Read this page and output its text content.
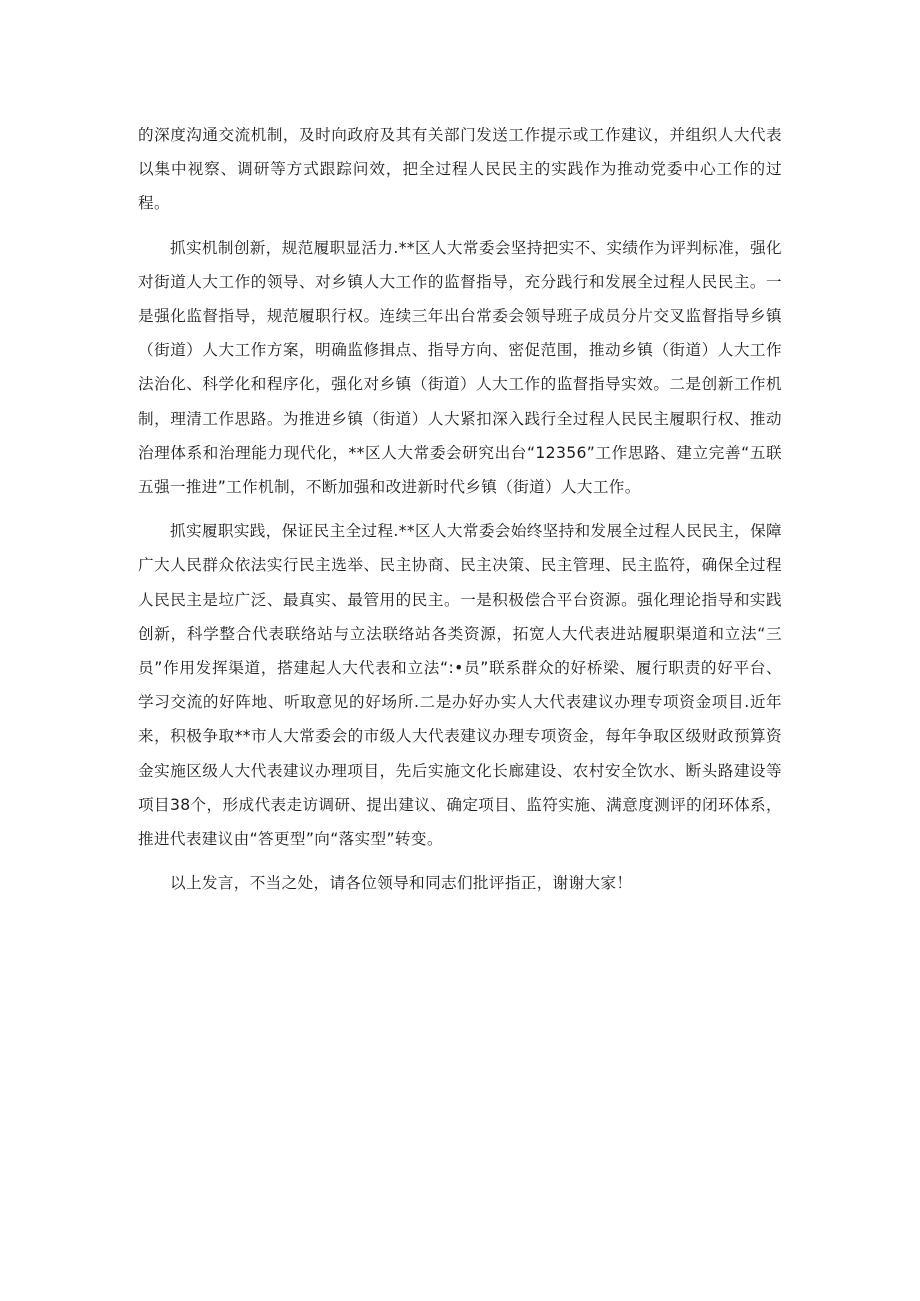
的深度沟通交流机制，及时向政府及其有关部门发送工作提示或工作建议，并组织人大代表以集中视察、调研等方式跟踪问效，把全过程人民民主的实践作为推动党委中心工作的过程。

抓实机制创新，规范履职显活力.**区人大常委会坚持把实不、实绩作为评判标准，强化对街道人大工作的领导、对乡镇人大工作的监督指导，充分践行和发展全过程人民民主。一是强化监督指导，规范履职行权。连续三年出台常委会领导班子成员分片交叉监督指导乡镇（街道）人大工作方案，明确监修揖点、指导方向、密促范围，推动乡镇（街道）人大工作法治化、科学化和程序化，强化对乡镇（街道）人大工作的监督指导实效。二是创新工作机制，理清工作思路。为推进乡镇（街道）人大紧扣深入践行全过程人民民主履职行权、推动治理体系和治理能力现代化，**区人大常委会研究出台“12356”工作思路、建立完善“五联五强一推进”工作机制，不断加强和改进新时代乡镇（街道）人大工作。

抓实履职实践，保证民主全过程.**区人大常委会始终坚持和发展全过程人民民主，保障广大人民群众依法实行民主选举、民主协商、民主决策、民主管理、民主监符，确保全过程人民民主是垃广泛、最真实、最管用的民主。一是积极偿合平台资源。强化理论指导和实践创新，科学整合代表联络站与立法联络站各类资源，拓宽人大代表进站履职渠道和立法“三员”作用发挥渠道，搭建起人大代表和立法“:•员”联系群众的好桥梁、履行职责的好平台、学习交流的好阵地、听取意见的好场所.二是办好办实人大代表建议办理专项资金项目.近年来，积极争取**市人大常委会的市级人大代表建议办理专项资金，每年争取区级财政预算资金实施区级人大代表建议办理项目，先后实施文化长廊建设、农村安全饮水、断头路建设等项目38个，形成代表走访调研、提出建议、确定项目、监符实施、满意度测评的闭环体系，推进代表建议由“答更型”向“落实型”转变。

以上发言，不当之处，请各位领导和同志们批评指正，谢谢大家！
